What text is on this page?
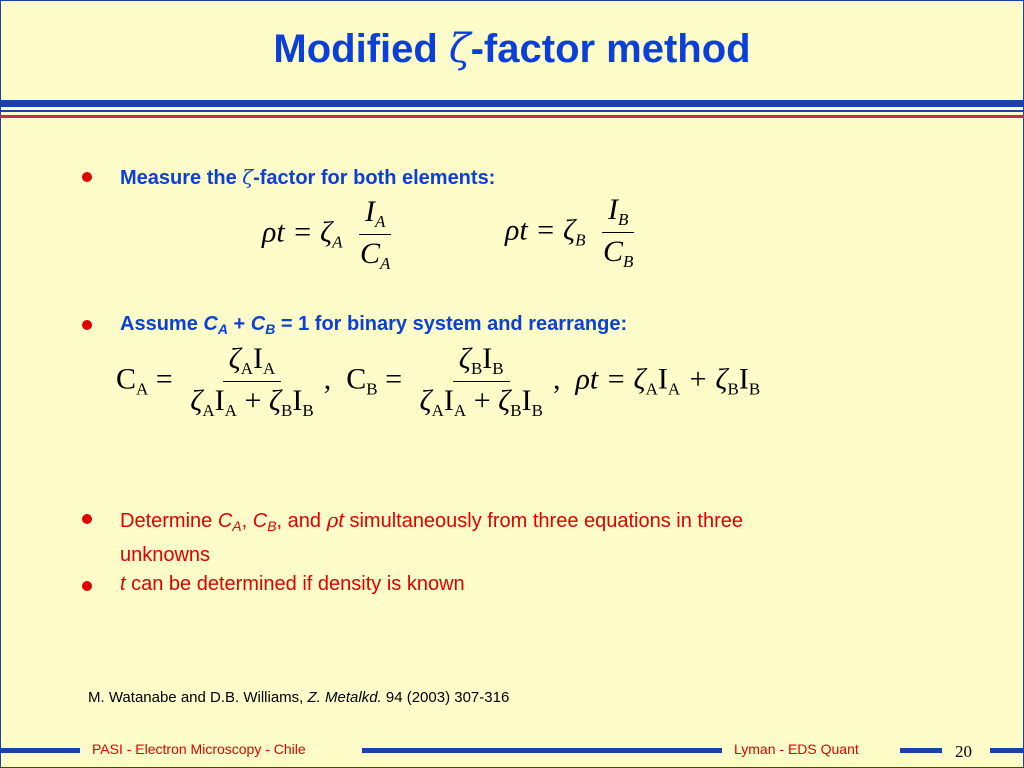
Modified ζ-factor method
Measure the ζ-factor for both elements:
$\rho t = \zeta_A \frac{I_A}{C_A}$	$\rho t = \zeta_B \frac{I_B}{C_B}$
Assume $C_A + C_B = 1$ for binary system and rearrange:
$C_A = \frac{\zeta_AI_A}{\zeta_AI_A + \zeta_BI_B}$ , $C_B = \frac{\zeta_BI_B}{\zeta_AI_A + \zeta_BI_B}$ , $\rho t = \zeta_AI_A + \zeta_BI_B$
Determine $C_A$, $C_B$, and ρt simultaneously from three equations in three
unknowns
t can be determined if density is known
M. Watanabe and D.B. Williams, Z. Metalkd. 94 (2003) 307-316
PASI - Electron Microscopy - Chile	Lyman - EDS Quant	20
